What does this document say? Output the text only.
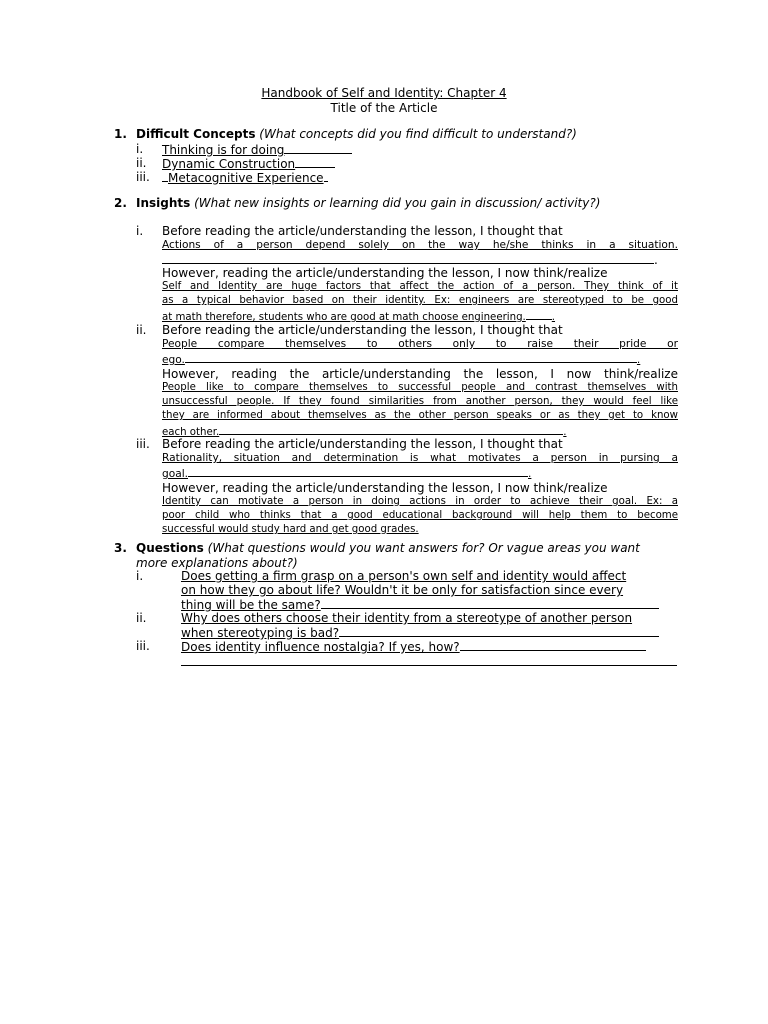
Handbook of Self and Identity: Chapter 4
Title of the Article
1. Difficult Concepts (What concepts did you find difficult to understand?)
i. Thinking is for doing
ii. Dynamic Construction
iii.	Metacognitive Experience
2. Insights (What new insights or learning did you gain in discussion/ activity?)
i. Before reading the article/understanding the lesson, I thought that
Actions of a person depend solely on the way he/she thinks in a situation.
.
However, reading the article/understanding the lesson, I now think/realize
Self and Identity are huge factors that affect the action of a person. They think of it
as a typical behavior based on their identity. Ex: engineers are stereotyped to be good
at math therefore, students who are good at math choose engineering.	.
ii. Before reading the article/understanding the lesson, I thought that
People compare themselves to others only to raise their pride or
ego.	.
However, reading the article/understanding the lesson, I now think/realize
People like to compare themselves to successful people and contrast themselves with
unsuccessful people. If they found similarities from another person, they would feel like
they are informed about themselves as the other person speaks or as they get to know
each other.	.
iii. Before reading the article/understanding the lesson, I thought that
Rationality, situation and determination is what motivates a person in pursing a
goal.	.
However, reading the article/understanding the lesson, I now think/realize
Identity can motivate a person in doing actions in order to achieve their goal. Ex: a
poor child who thinks that a good educational background will help them to become
successful would study hard and get good grades.
3. Questions (What questions would you want answers for? Or vague areas you want more explanations about?)
i.	Does getting a firm grasp on a person's own self and identity would affect
on how they go about life? Wouldn't it be only for satisfaction since every
thing will be the same?
ii.	Why does others choose their identity from a stereotype of another person
when stereotyping is bad?
iii.	Does identity influence nostalgia? If yes, how?
